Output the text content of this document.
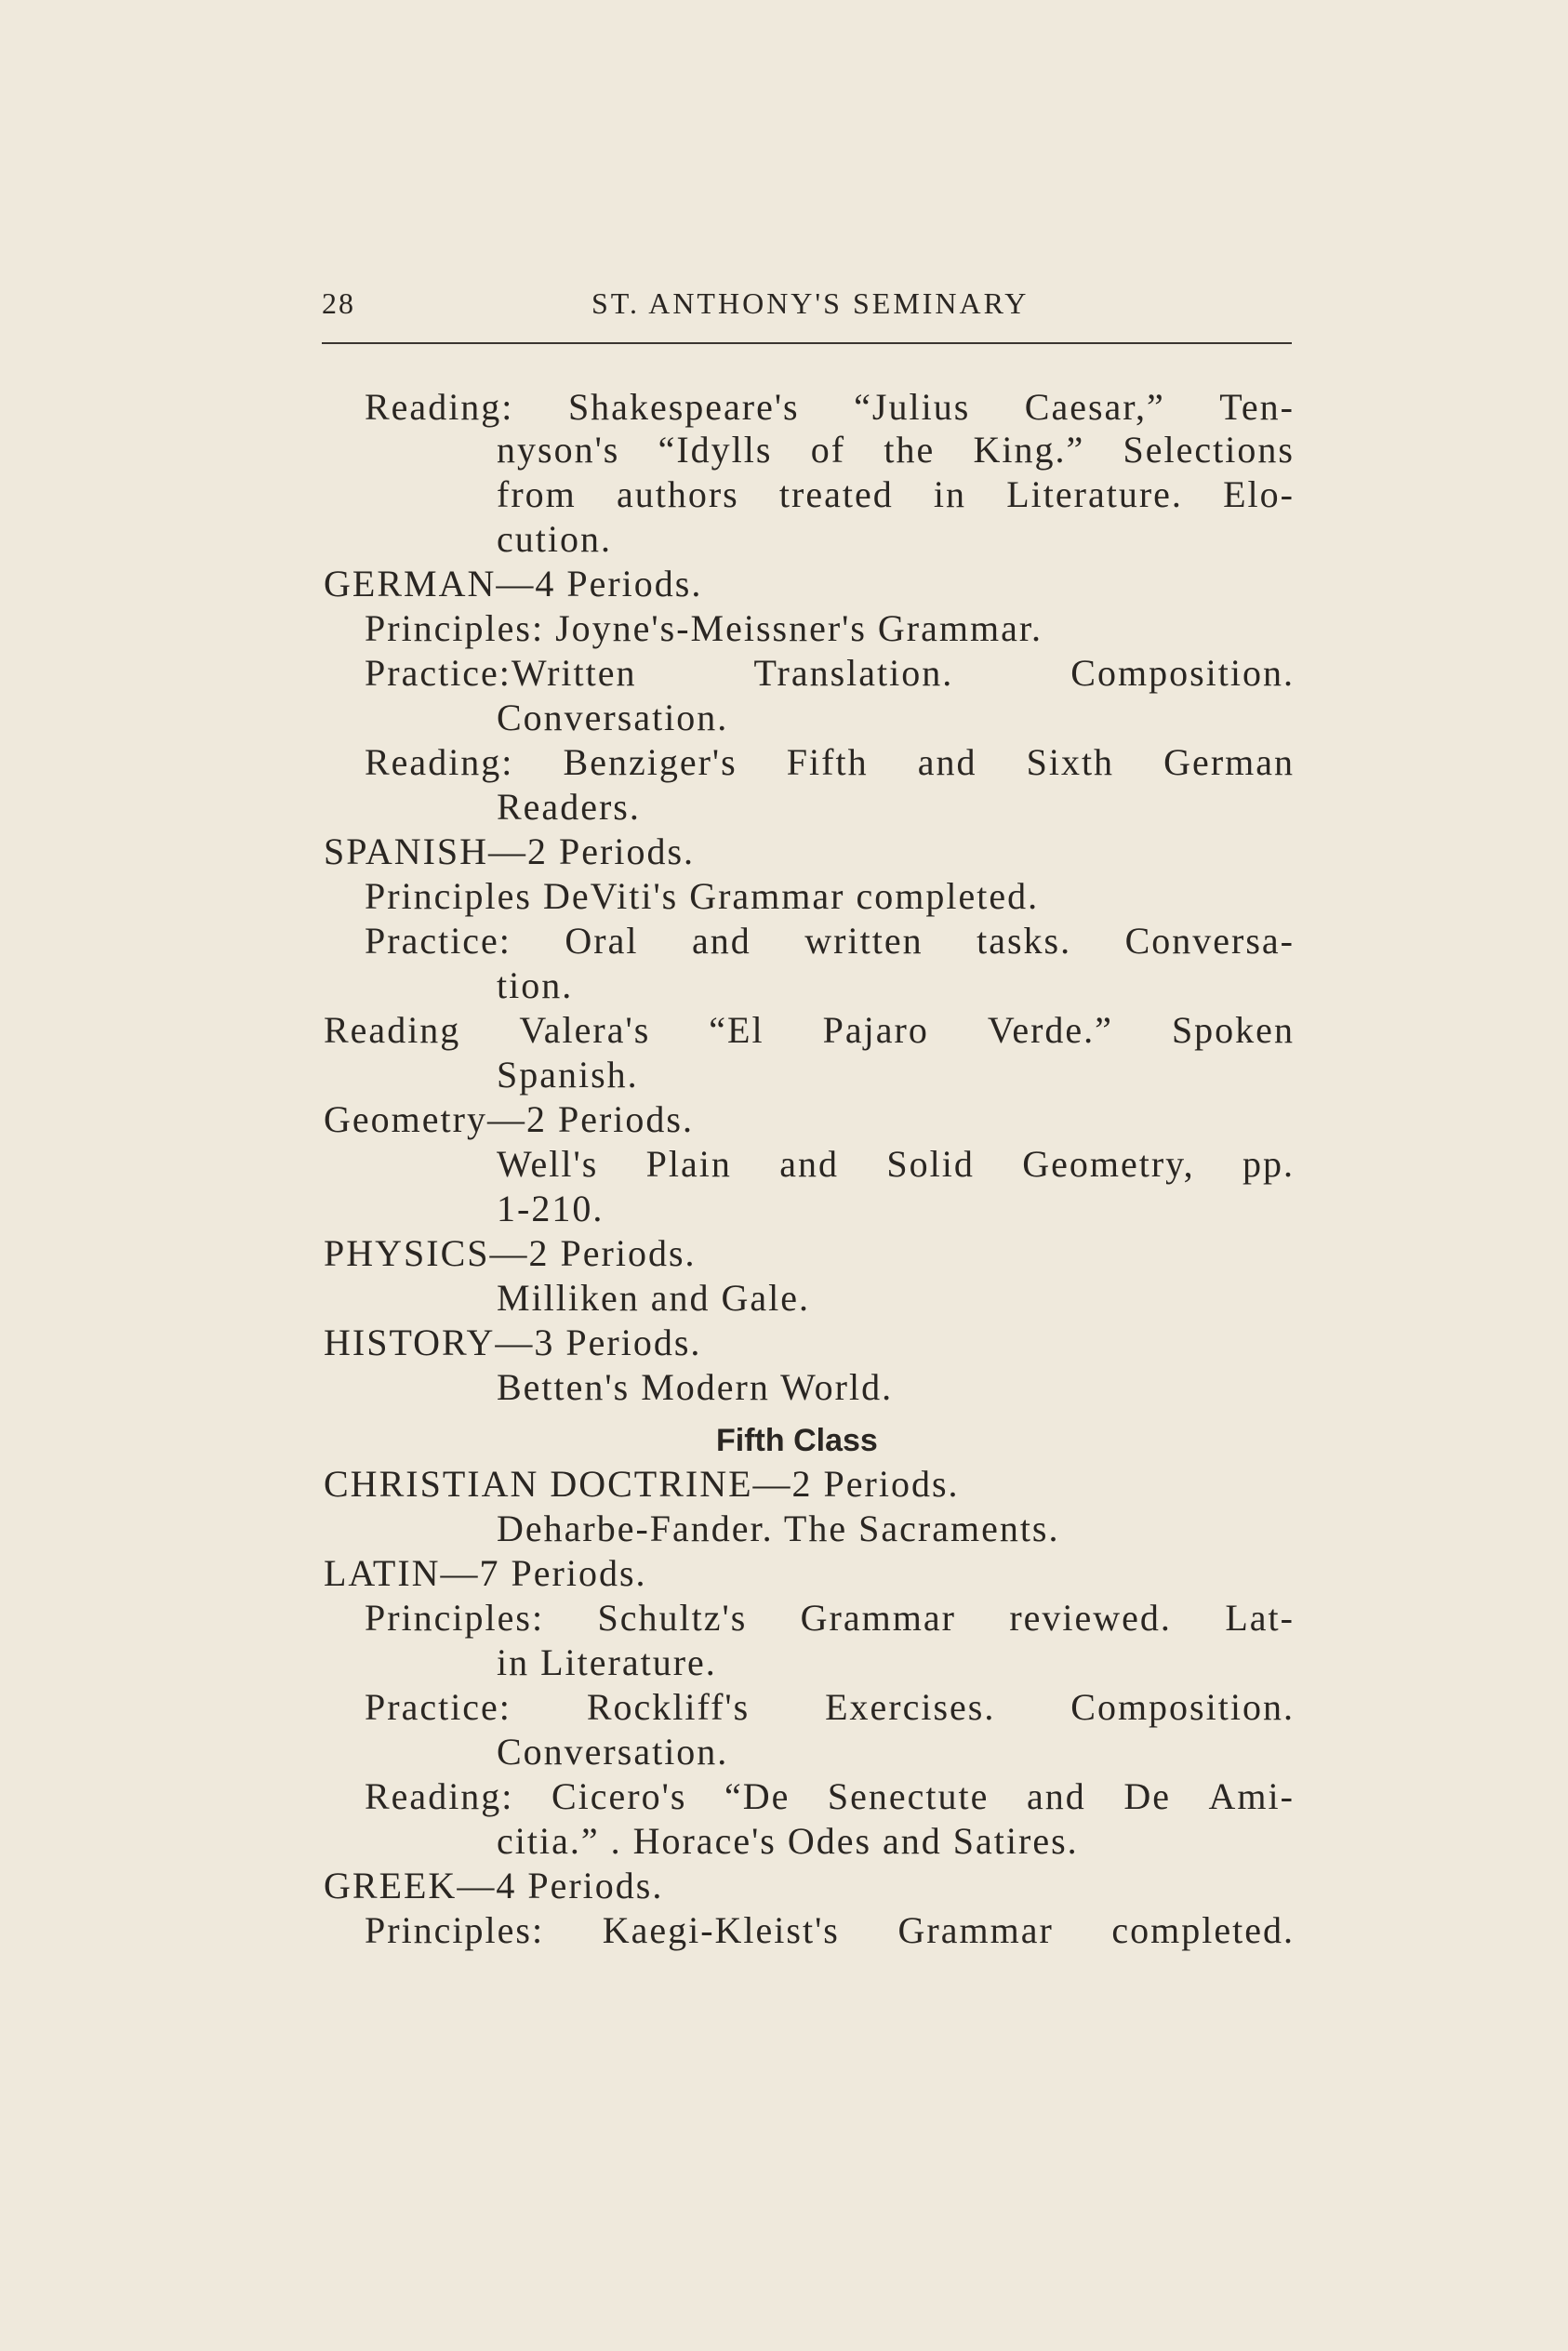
28	ST. ANTHONY'S SEMINARY
Reading: Shakespeare's “Julius Caesar,” Ten-
nyson's “Idylls of the King.” Selections
from authors treated in Literature. Elo-
cution.
GERMAN—4 Periods.
Principles: Joyne's-Meissner's Grammar.
Practice:Written	Translation.	Composition.
Conversation.
Reading: Benziger's Fifth and Sixth German
Readers.
SPANISH—2 Periods.
Principles DeViti's Grammar completed.
Practice: Oral and written tasks. Conversa-
tion.
Reading Valera's “El Pajaro Verde.” Spoken
Spanish.
Geometry—2 Periods.
Well's Plain and Solid Geometry, pp.
1-210.
PHYSICS—2 Periods.
Milliken and Gale.
HISTORY—3 Periods.
Betten's Modern World.
Fifth Class
CHRISTIAN DOCTRINE—2 Periods.
Deharbe-Fander. The Sacraments.
LATIN—7 Periods.
Principles: Schultz's Grammar reviewed. Lat-
in Literature.
Practice: Rockliff's Exercises. Composition.
Conversation.
Reading: Cicero's “De Senectute and De Ami-
citia.” . Horace's Odes and Satires.
GREEK—4 Periods.
Principles: Kaegi-Kleist's Grammar completed.
